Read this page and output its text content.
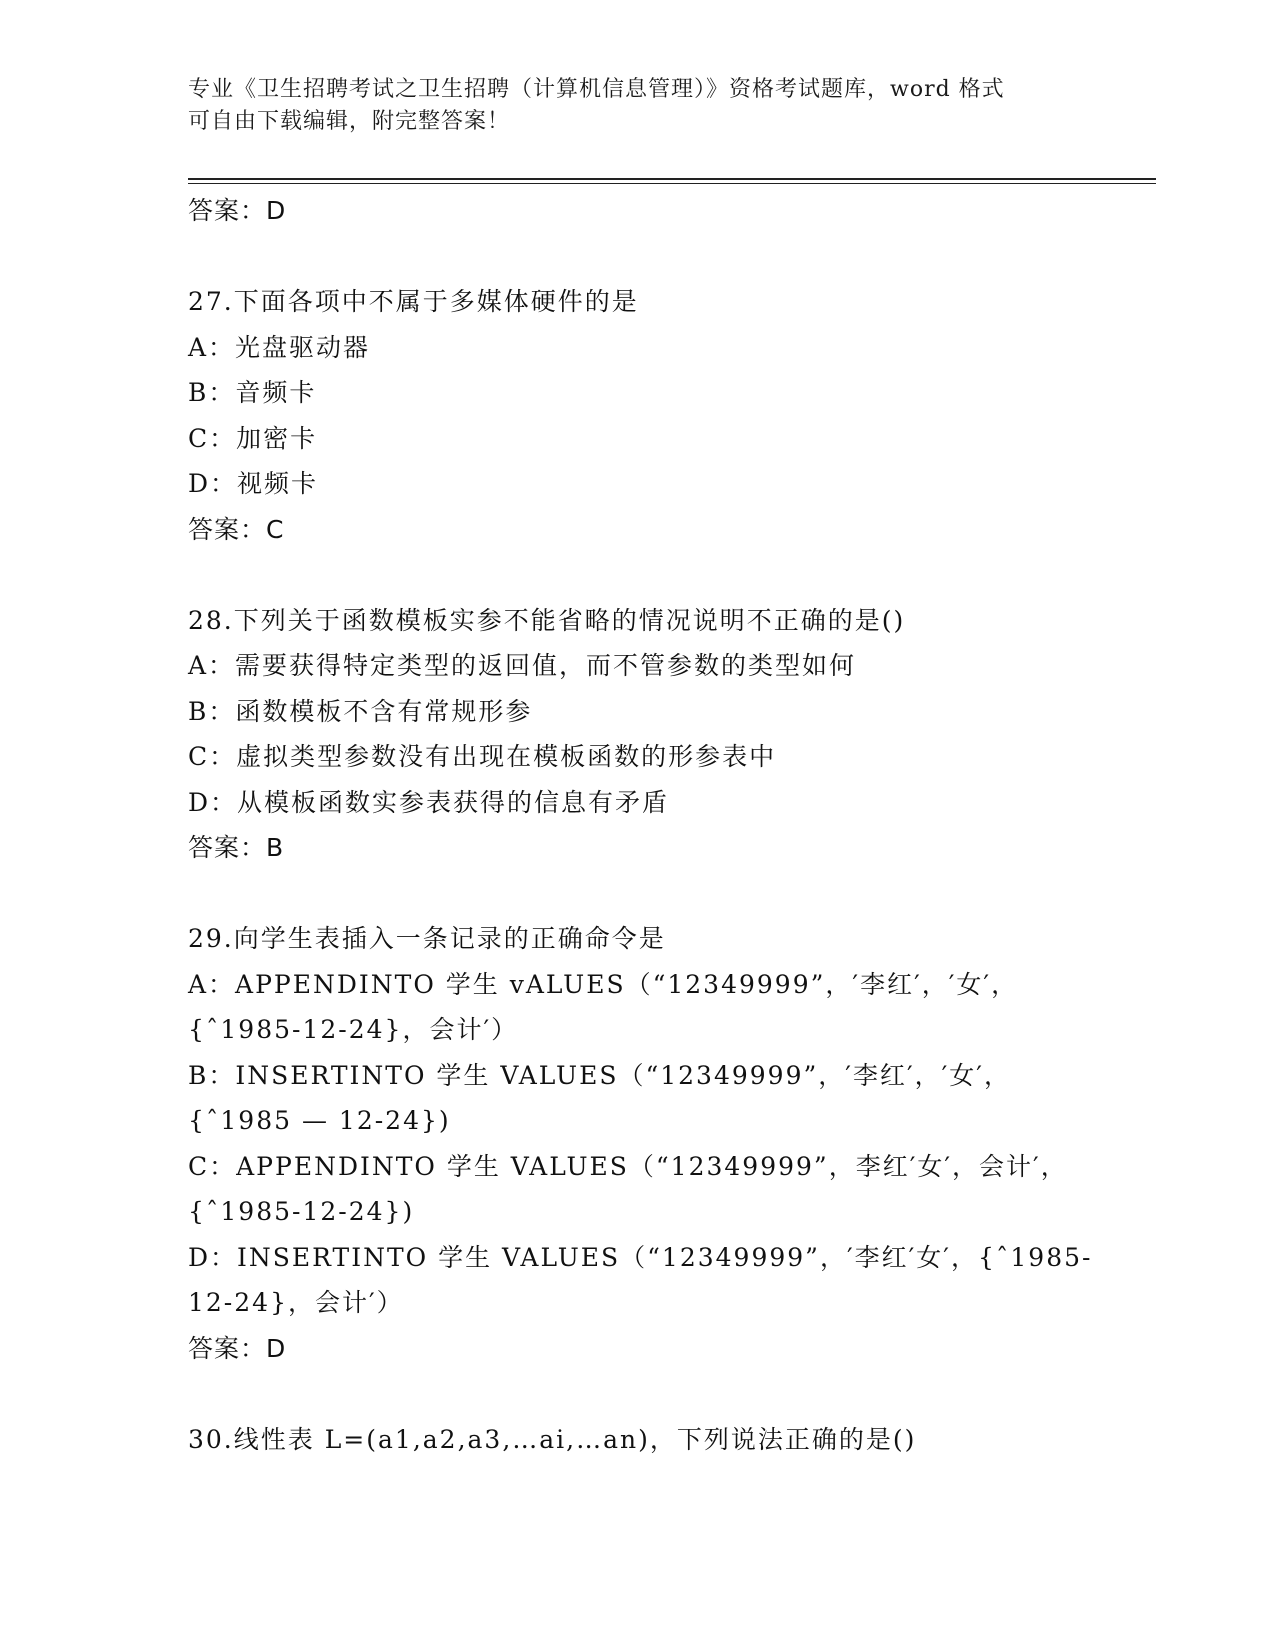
专业《卫生招聘考试之卫生招聘（计算机信息管理）》资格考试题库，word 格式
可自由下载编辑，附完整答案！
答案：D
27.下面各项中不属于多媒体硬件的是
A：光盘驱动器
B：音频卡
C：加密卡
D：视频卡
答案：C
28.下列关于函数模板实参不能省略的情况说明不正确的是()
A：需要获得特定类型的返回值，而不管参数的类型如何
B：函数模板不含有常规形参
C：虚拟类型参数没有出现在模板函数的形参表中
D：从模板函数实参表获得的信息有矛盾
答案：B
29.向学生表插入一条记录的正确命令是
A：APPENDINTO 学生 vALUES（“12349999”，′李红′，′女′，
{ˆ1985-12-24}，会计′）
B：INSERTINTO 学生 VALUES（“12349999”，′李红′，′女′，
{ˆ1985 — 12-24})
C：APPENDINTO 学生 VALUES（“12349999”，李红′女′，会计′，
{ˆ1985-12-24})
D：INSERTINTO 学生 VALUES（“12349999”，′李红′女′，{ˆ1985-
12-24}，会计′）
答案：D
30.线性表 L=(a1,a2,a3,…ai,…an)，下列说法正确的是()
